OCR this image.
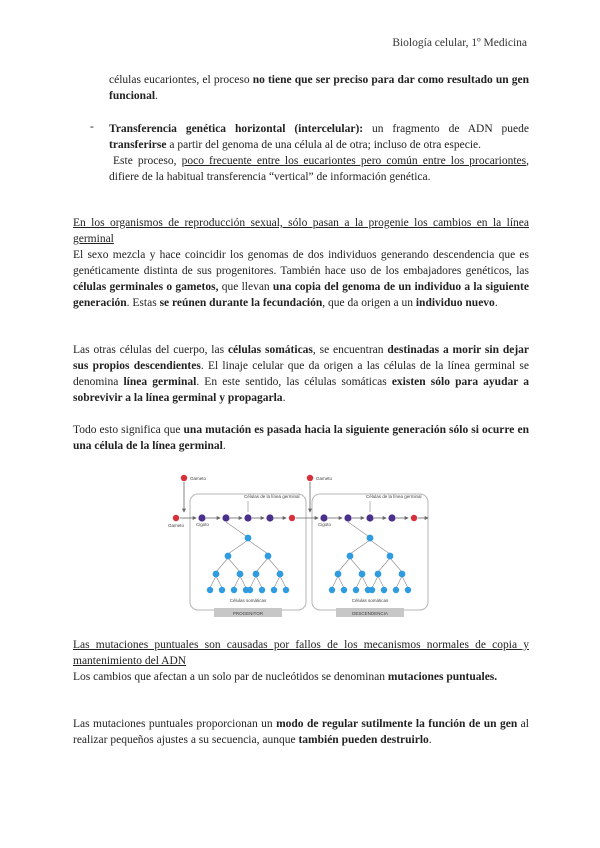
Biología celular, 1º Medicina
células eucariontes, el proceso no tiene que ser preciso para dar como resultado un gen funcional.
- Transferencia genética horizontal (intercelular): un fragmento de ADN puede transferirse a partir del genoma de una célula al de otra; incluso de otra especie.
Este proceso, poco frecuente entre los eucariontes pero común entre los procariontes, difiere de la habitual transferencia “vertical” de información genética.
En los organismos de reproducción sexual, sólo pasan a la progenie los cambios en la línea germinal
El sexo mezcla y hace coincidir los genomas de dos individuos generando descendencia que es genéticamente distinta de sus progenitores. También hace uso de los embajadores genéticos, las células germinales o gametos, que llevan una copia del genoma de un individuo a la siguiente generación. Estas se reúnen durante la fecundación, que da origen a un individuo nuevo.
Las otras células del cuerpo, las células somáticas, se encuentran destinadas a morir sin dejar sus propios descendientes. El linaje celular que da origen a las células de la línea germinal se denomina línea germinal. En este sentido, las células somáticas existen sólo para ayudar a sobrevivir a la línea germinal y propagarla.
Todo esto significa que una mutación es pasada hacia la siguiente generación sólo si ocurre en una célula de la línea germinal.
PROGENITOR	DESCENDENCIA
Gameto	Gameto
Células de la línea germinal	Células de la línea germinal
Gameto	Cigoto	Cigoto
Células somáticas	Células somáticas
Las mutaciones puntuales son causadas por fallos de los mecanismos normales de copia y mantenimiento del ADN
Los cambios que afectan a un solo par de nucleótidos se denominan mutaciones puntuales.
Las mutaciones puntuales proporcionan un modo de regular sutilmente la función de un gen al realizar pequeños ajustes a su secuencia, aunque también pueden destruirlo.
